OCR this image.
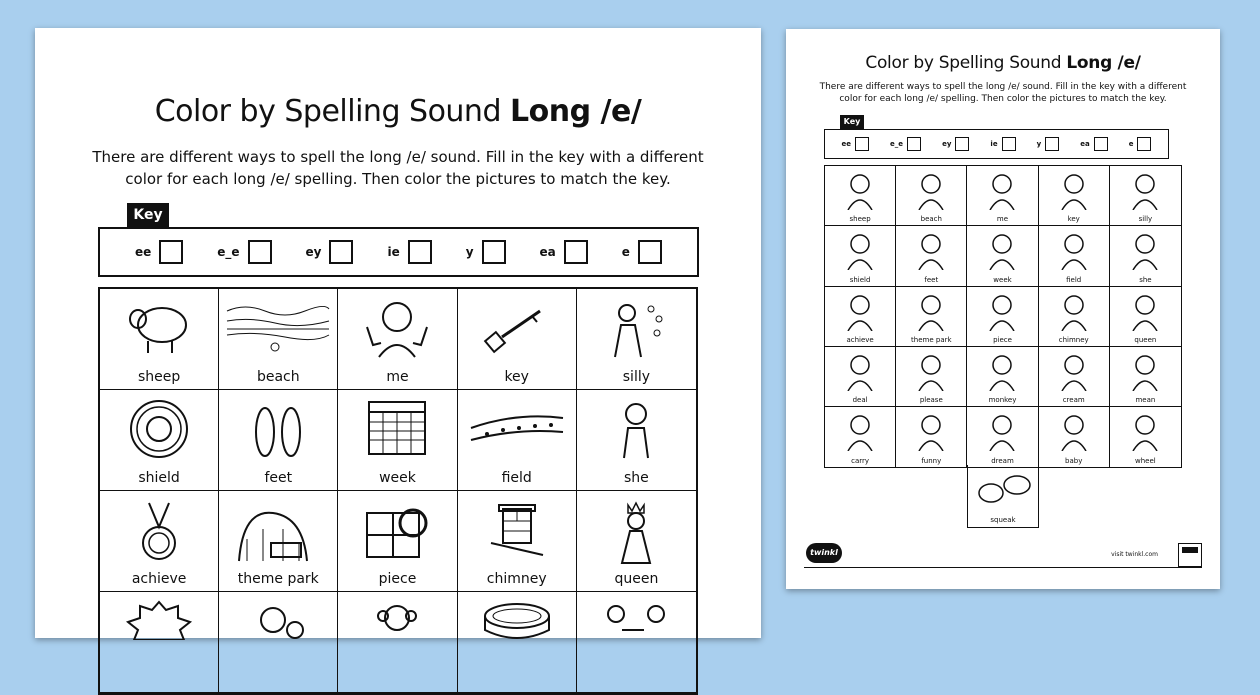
Color by Spelling Sound Long /e/
There are different ways to spell the long /e/ sound. Fill in the key with a different color for each long /e/ spelling. Then color the pictures to match the key.
Key
ee	e_e	ey	ie	y	ea	e
sheep	beach	me	key	silly
shield	feet	week	field	she
achieve	theme park	piece	chimney	queen
Color by Spelling Sound Long /e/
There are different ways to spell the long /e/ sound. Fill in the key with a different color for each long /e/ spelling. Then color the pictures to match the key.
Key
ee	e_e	ey	ie	y	ea	e
sheep	beach	me	key	silly
shield	feet	week	field	she
achieve	theme park	piece	chimney	queen
deal	please	monkey	cream	mean
carry	funny	dream	baby	wheel
squeak
twinkl	visit twinkl.com
